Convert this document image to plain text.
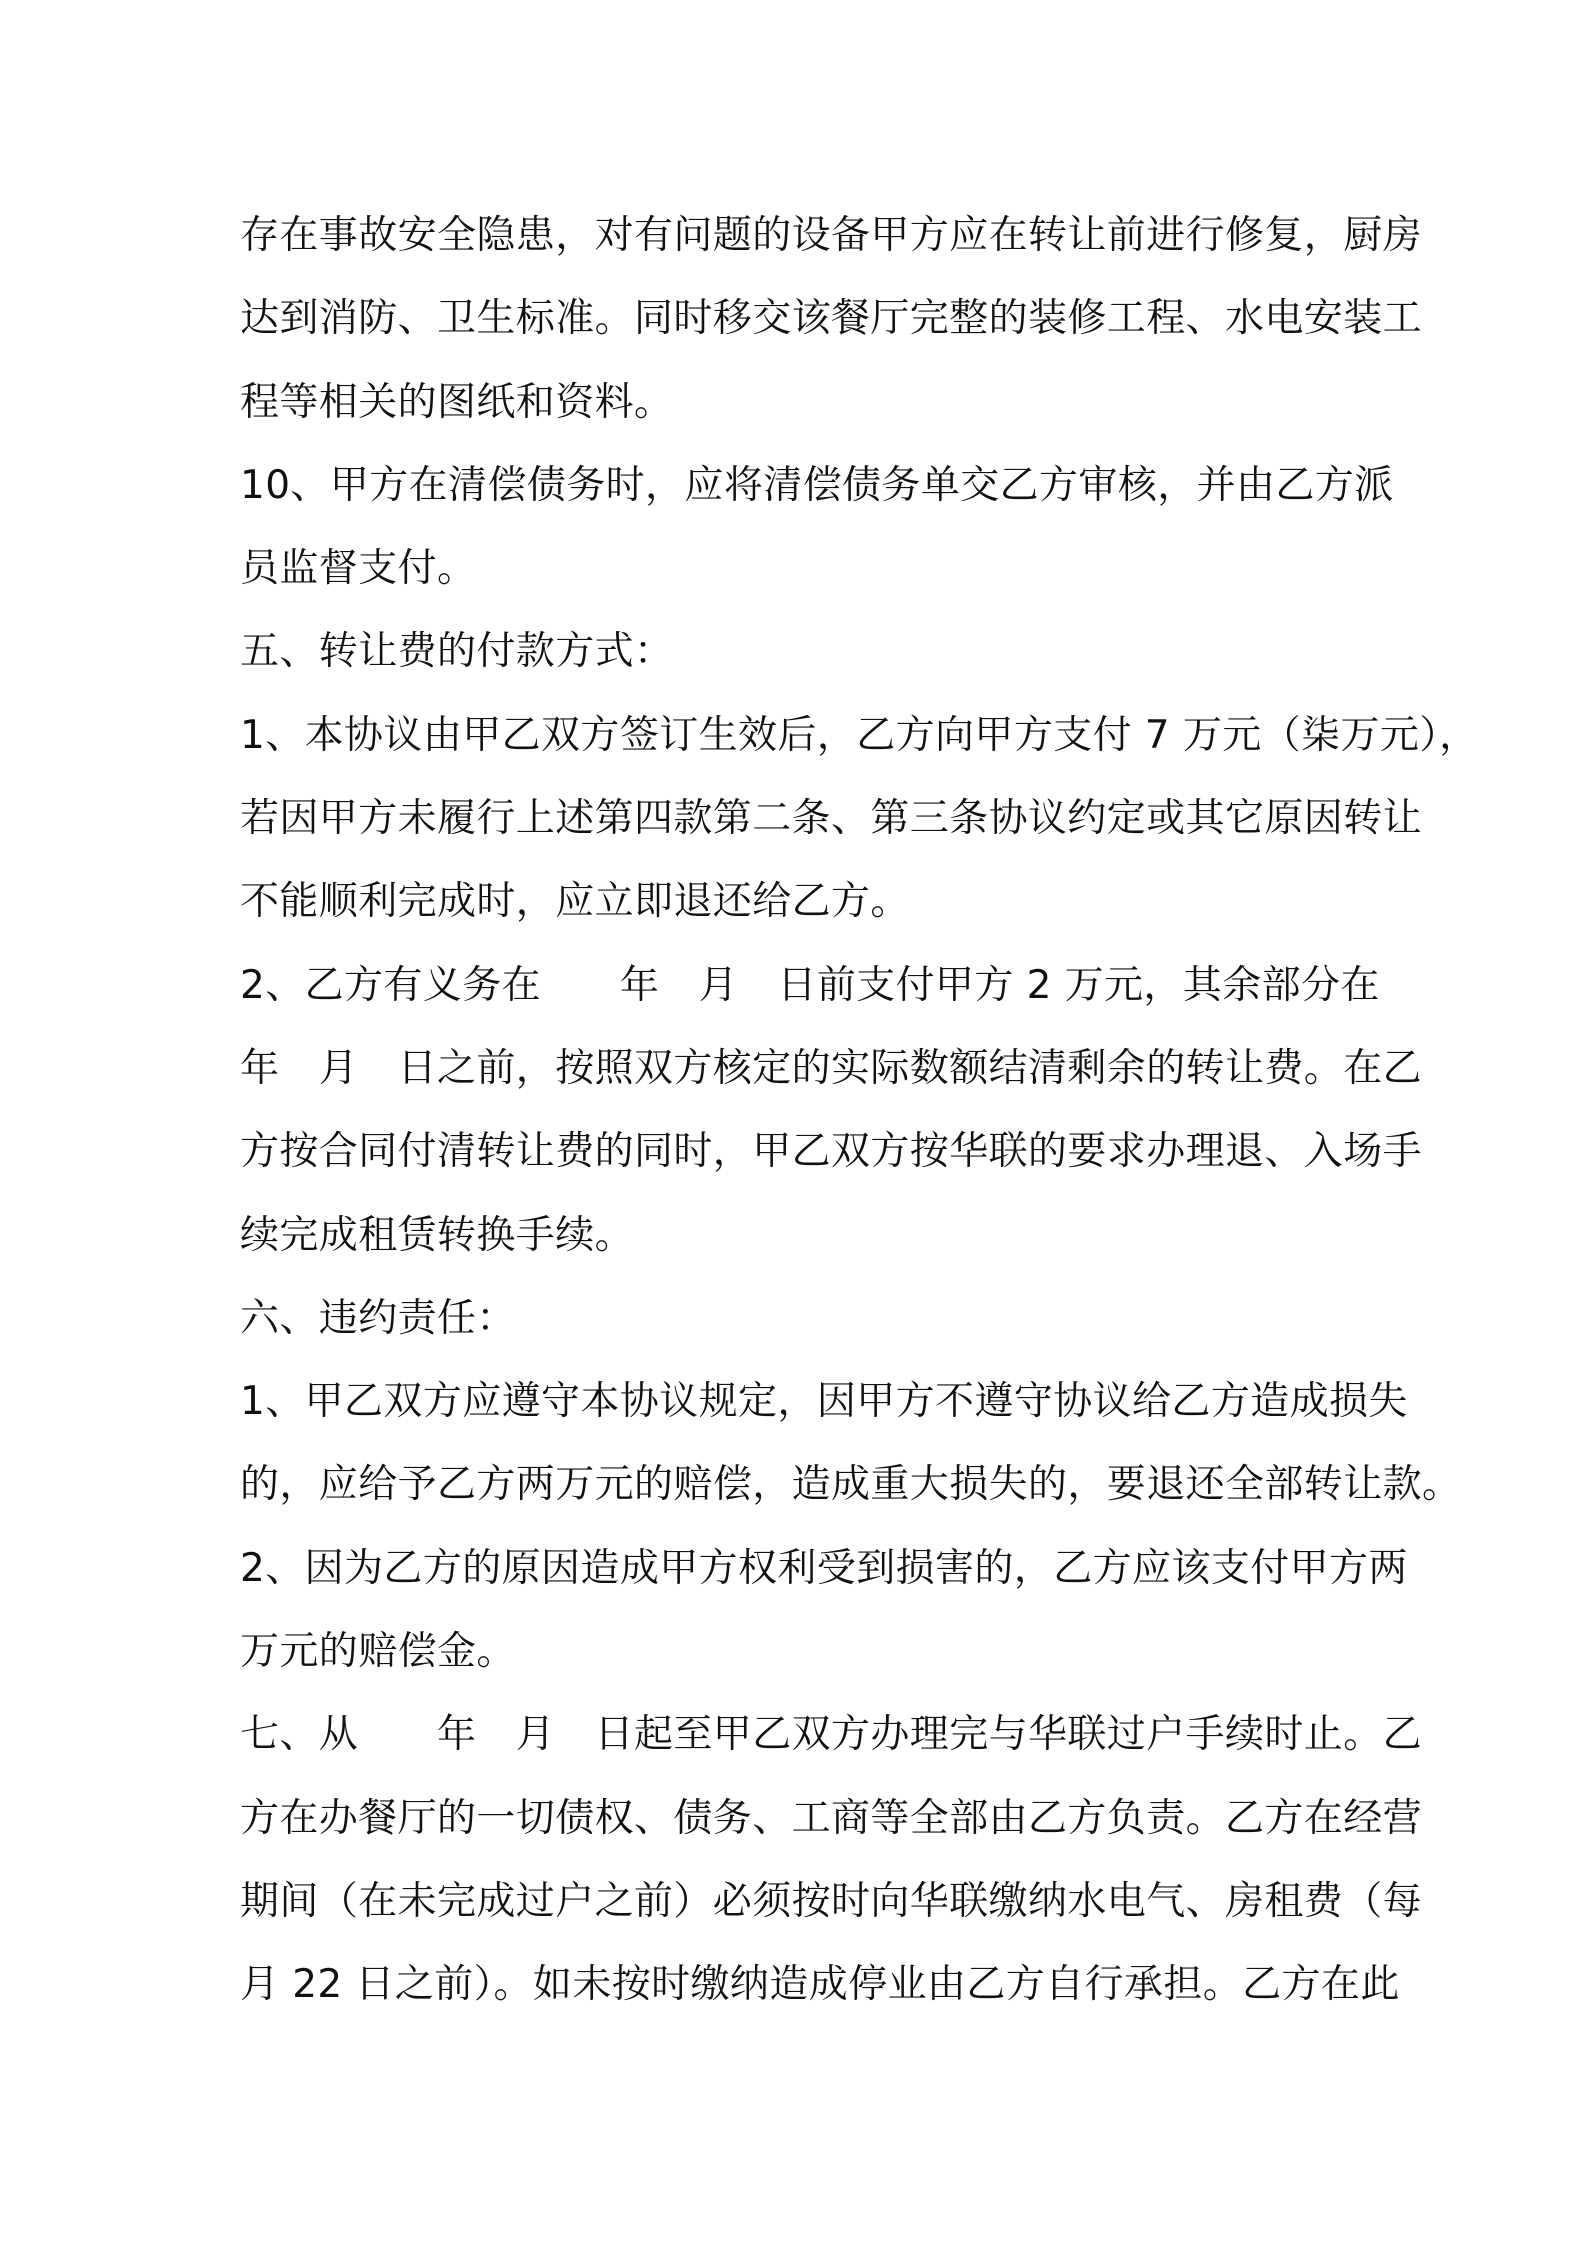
存在事故安全隐患，对有问题的设备甲方应在转让前进行修复，厨房
达到消防、卫生标准。同时移交该餐厅完整的装修工程、水电安装工
程等相关的图纸和资料。
10、甲方在清偿债务时，应将清偿债务单交乙方审核，并由乙方派
员监督支付。
五、转让费的付款方式：
1、本协议由甲乙双方签订生效后，乙方向甲方支付 7 万元（柒万元），
若因甲方未履行上述第四款第二条、第三条协议约定或其它原因转让
不能顺利完成时，应立即退还给乙方。
2、乙方有义务在　　年　月　日前支付甲方 2 万元，其余部分在
年　月　日之前，按照双方核定的实际数额结清剩余的转让费。在乙
方按合同付清转让费的同时，甲乙双方按华联的要求办理退、入场手
续完成租赁转换手续。
六、违约责任：
1、甲乙双方应遵守本协议规定，因甲方不遵守协议给乙方造成损失
的，应给予乙方两万元的赔偿，造成重大损失的，要退还全部转让款。
2、因为乙方的原因造成甲方权利受到损害的，乙方应该支付甲方两
万元的赔偿金。
七、从　　年　月　日起至甲乙双方办理完与华联过户手续时止。乙
方在办餐厅的一切债权、债务、工商等全部由乙方负责。乙方在经营
期间（在未完成过户之前）必须按时向华联缴纳水电气、房租费（每
月 22 日之前）。如未按时缴纳造成停业由乙方自行承担。乙方在此
